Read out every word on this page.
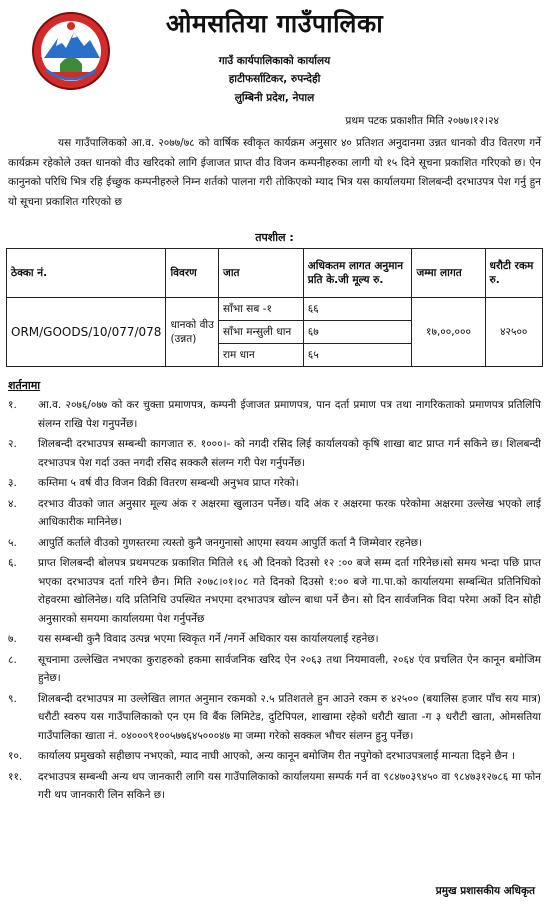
ओमसतिया गाउँपालिका
गाउँ कार्यपालिकाको कार्यालय
हाटीफर्साटिकर, रुपन्देही
लुम्बिनी प्रदेश, नेपाल
प्रथम पटक प्रकाशीत मिति २०७७।१२।२४
यस गाउँपालिकको आ.व. २०७७/७८ को वार्षिक स्वीकृत कार्यक्रम अनुसार ४० प्रतिशत अनुदानमा उन्नत धानको वीउ वितरण गर्ने कार्यक्रम रहेकोले उक्त धानको वीउ खरिदको लागि ईजाजत प्राप्त वीउ विजन कम्पनीहरुका लागी यो १५ दिने सूचना प्रकाशित गरिएको छ। ऐन कानुनको परिधि भित्र रहि ईच्छुक कम्पनीहरुले निम्न शर्तको पालना गरी तोकिएको म्याद भित्र यस कार्यालयमा शिलबन्दी दरभाउपत्र पेश गर्नु हुन यो सूचना प्रकाशित गरिएको छ
तपशील :
ठेक्का नं.	विवरण	जात	अधिकतम लागत अनुमान प्रति के.जी मूल्य रु.	जम्मा लागत	धरौटी रकम रु.
ORM/GOODS/10/077/078	धानको वीउ (उन्नत)	साँभा सब -१	६६	१७,००,०००	४२५००
		साँभा मन्सुली धान	६७		
		राम धान	६५		
शर्तनामा
१.	आ.व. २०७६/०७७ को कर चुक्ता प्रमाणपत्र, कम्पनी ईजाजत प्रमाणपत्र, पान दर्ता प्रमाण पत्र तथा नागरिकताको प्रमाणपत्र प्रतिलिपि संलग्न राखि पेश गनुपर्नेछ।
२.	शिलबन्दी दरभाउपत्र सम्बन्धी कागजात रु. १०००।- को नगदी रसिद लिई कार्यालयको कृषि शाखा बाट प्राप्त गर्न सकिने छ। शिलबन्दी दरभाउपत्र पेश गर्दा उक्त नगदी रसिद सक्कलै संलग्न गरी पेश गर्नुपर्नेछ।
३.	कम्तिमा ५ वर्ष वीउ विजन विक्री वितरण सम्बन्धी अनुभव प्राप्त गरेको।
४.	दरभाउ वीउको जात अनुसार मूल्य अंक र अक्षरमा खुलाउन पर्नेछ। यदि अंक र अक्षरमा फरक परेकोमा अक्षरमा उल्लेख भएको लाई आधिकारीक मानिनेछ।
५.	आपुर्ति कर्ताले वीउको गुणस्तरमा त्यस्तो कुनै जनगुनासो आएमा स्वयम आपुर्ति कर्ता नै जिम्मेवार रहनेछ।
६.	प्राप्त शिलबन्दी बोलपत्र प्रथमपटक प्रकाशित मितिले १६ औ दिनको दिउसो १२ :०० बजे सम्म दर्ता गरिनेछ।सो समय भन्दा पछि प्राप्त भएका दरभाउपत्र दर्ता गरिने छैन। मिति २०७८।०१।०८ गते दिनको दिउसो १:०० बजे गा.पा.को कार्यालयमा सम्बन्धित प्रतिनिधिको रोहवरमा खोलिनेछ। यदि प्रतिनिधि उपस्थित नभएमा दरभाउपत्र खोल्न बाधा पर्ने छैन। सो दिन सार्वजनिक विदा परेमा अर्को दिन सोही अनुसारको समयमा कार्यालयमा पेश गर्नुपर्नेछ
७.	यस सम्बन्धी कुनै विवाद उत्पन्न भएमा स्विकृत गर्ने /नगर्ने अधिकार यस कार्यालयलाई रहनेछ।
८.	सूचनामा उल्लेखित नभएका कुराहरुको हकमा सार्वजनिक खरिद ऐन २०६३ तथा नियमावली, २०६४ एंव प्रचलित ऐन कानून बमोजिम हुनेछ।
९.	शिलबन्दी दरभाउपत्र मा उल्लेखित लागत अनुमान रकमको २.५ प्रतिशतले हुन आउने रकम रु ४२५०० (बयालिस हजार पाँच सय मात्र) धरौटी स्वरुप यस गाउँपालिकाको एन एम वि बैंक लिमिटेड, दुटिपिपल, शाखामा रहेको धरौटी खाता -ग ३ धरौटी खाता, ओमसतिया गाउँपालिका खाता नं. ०४०००९१००५७७६४५०००४७ मा जम्मा गरेको सक्कल भौचर संलग्न हुनु पर्नेछ।
१०.	कार्यालय प्रमुखको सहीछाप नभएको, म्याद नाघी आएको, अन्य कानून बमोजिम रीत नपुगेको दरभाउपत्रलाई मान्यता दिइने छैन ।
११.	दरभाउपत्र सम्बन्धी अन्य थप जानकारी लागि यस गाउँपालिकाको कार्यालयमा सम्पर्क गर्न वा ९८४७०३९४५० वा ९८४७३१२७८६ मा फोन गरी थप जानकारी लिन सकिने छ।
प्रमुख प्रशासकीय अधिकृत
